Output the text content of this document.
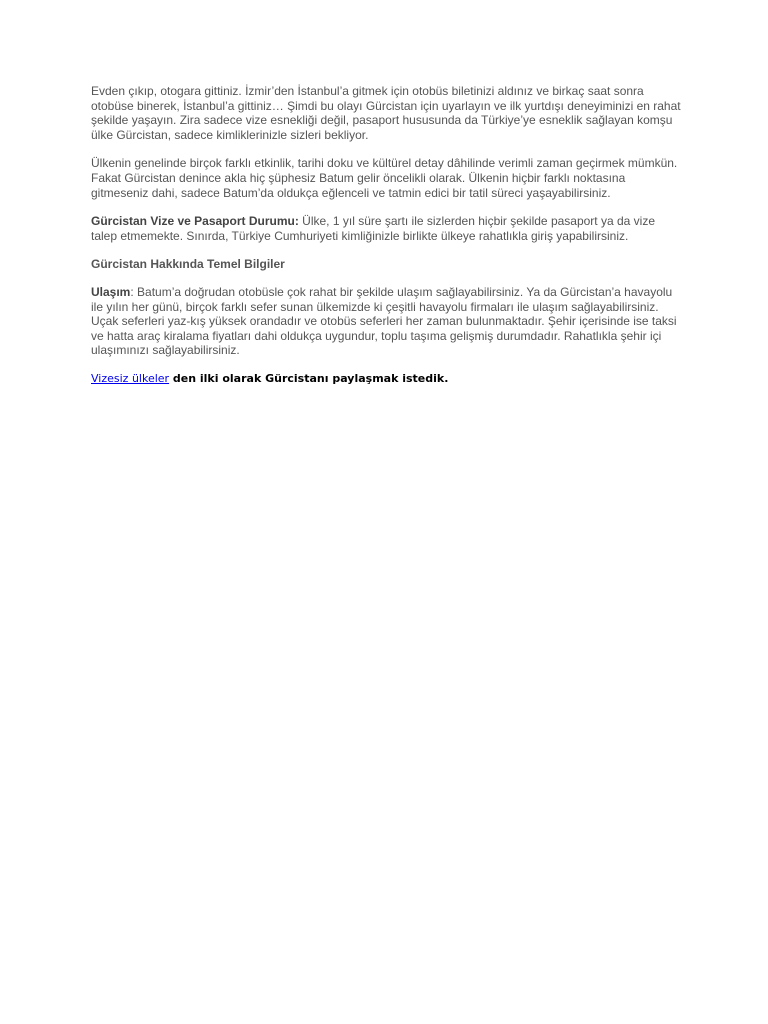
Evden çıkıp, otogara gittiniz. İzmir’den İstanbul’a gitmek için otobüs biletinizi aldınız ve birkaç saat sonra otobüse binerek, İstanbul’a gittiniz… Şimdi bu olayı Gürcistan için uyarlayın ve ilk yurtdışı deneyiminizi en rahat şekilde yaşayın. Zira sadece vize esnekliği değil, pasaport hususunda da Türkiye’ye esneklik sağlayan komşu ülke Gürcistan, sadece kimliklerinizle sizleri bekliyor.

Ülkenin genelinde birçok farklı etkinlik, tarihi doku ve kültürel detay dâhilinde verimli zaman geçirmek mümkün. Fakat Gürcistan denince akla hiç şüphesiz Batum gelir öncelikli olarak. Ülkenin hiçbir farklı noktasına gitmeseniz dahi, sadece Batum’da oldukça eğlenceli ve tatmin edici bir tatil süreci yaşayabilirsiniz.

Gürcistan Vize ve Pasaport Durumu: Ülke, 1 yıl süre şartı ile sizlerden hiçbir şekilde pasaport ya da vize talep etmemekte. Sınırda, Türkiye Cumhuriyeti kimliğinizle birlikte ülkeye rahatlıkla giriş yapabilirsiniz.

Gürcistan Hakkında Temel Bilgiler

Ulaşım: Batum’a doğrudan otobüsle çok rahat bir şekilde ulaşım sağlayabilirsiniz. Ya da Gürcistan’a havayolu ile yılın her günü, birçok farklı sefer sunan ülkemizde ki çeşitli havayolu firmaları ile ulaşım sağlayabilirsiniz. Uçak seferleri yaz-kış yüksek orandadır ve otobüs seferleri her zaman bulunmaktadır. Şehir içerisinde ise taksi ve hatta araç kiralama fiyatları dahi oldukça uygundur, toplu taşıma gelişmiş durumdadır. Rahatlıkla şehir içi ulaşımınızı sağlayabilirsiniz.

Vizesiz ülkeler den ilki olarak Gürcistanı paylaşmak istedik.
